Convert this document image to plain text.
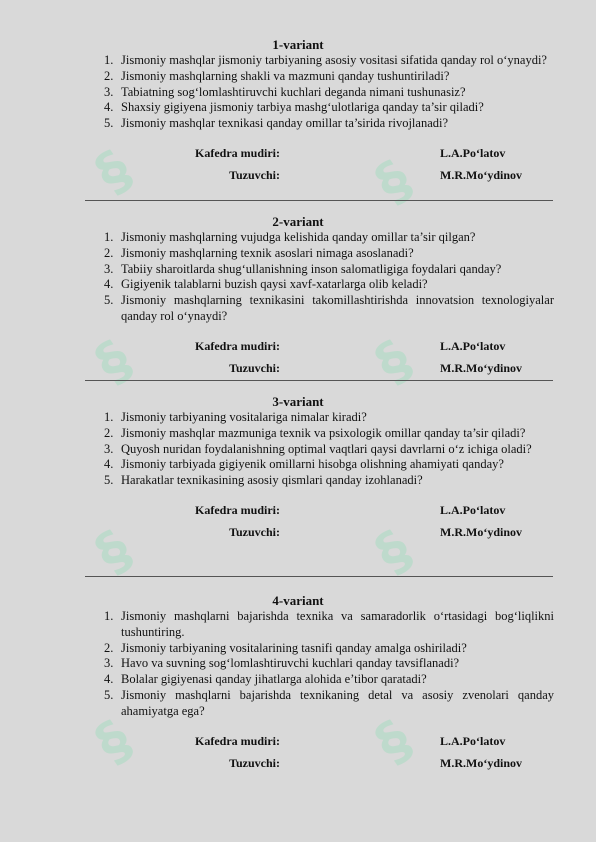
§	§
§	§
§	§
§	§
1-variant
1. Jismoniy mashqlar jismoniy tarbiyaning asosiy vositasi sifatida qanday rol o‘ynaydi?
2. Jismoniy mashqlarning shakli va mazmuni qanday tushuntiriladi?
3. Tabiatning sog‘lomlashtiruvchi kuchlari deganda nimani tushunasiz?
4. Shaxsiy gigiyena jismoniy tarbiya mashg‘ulotlariga qanday ta’sir qiladi?
5. Jismoniy mashqlar texnikasi qanday omillar ta’sirida rivojlanadi?
Kafedra mudiri:	L.A.Po‘latov
Tuzuvchi:	M.R.Mo‘ydinov
2-variant
1. Jismoniy mashqlarning vujudga kelishida qanday omillar ta’sir qilgan?
2. Jismoniy mashqlarning texnik asoslari nimaga asoslanadi?
3. Tabiiy sharoitlarda shug‘ullanishning inson salomatligiga foydalari qanday?
4. Gigiyenik talablarni buzish qaysi xavf-xatarlarga olib keladi?
5. Jismoniy mashqlarning texnikasini takomillashtirishda innovatsion texnologiyalar qanday rol o‘ynaydi?
Kafedra mudiri:	L.A.Po‘latov
Tuzuvchi:	M.R.Mo‘ydinov
3-variant
1. Jismoniy tarbiyaning vositalariga nimalar kiradi?
2. Jismoniy mashqlar mazmuniga texnik va psixologik omillar qanday ta’sir qiladi?
3. Quyosh nuridan foydalanishning optimal vaqtlari qaysi davrlarni o‘z ichiga oladi?
4. Jismoniy tarbiyada gigiyenik omillarni hisobga olishning ahamiyati qanday?
5. Harakatlar texnikasining asosiy qismlari qanday izohlanadi?
Kafedra mudiri:	L.A.Po‘latov
Tuzuvchi:	M.R.Mo‘ydinov
4-variant
1. Jismoniy mashqlarni bajarishda texnika va samaradorlik o‘rtasidagi bog‘liqlikni tushuntiring.
2. Jismoniy tarbiyaning vositalarining tasnifi qanday amalga oshiriladi?
3. Havo va suvning sog‘lomlashtiruvchi kuchlari qanday tavsiflanadi?
4. Bolalar gigiyenasi qanday jihatlarga alohida e’tibor qaratadi?
5. Jismoniy mashqlarni bajarishda texnikaning detal va asosiy zvenolari qanday ahamiyatga ega?
Kafedra mudiri:	L.A.Po‘latov
Tuzuvchi:	M.R.Mo‘ydinov
